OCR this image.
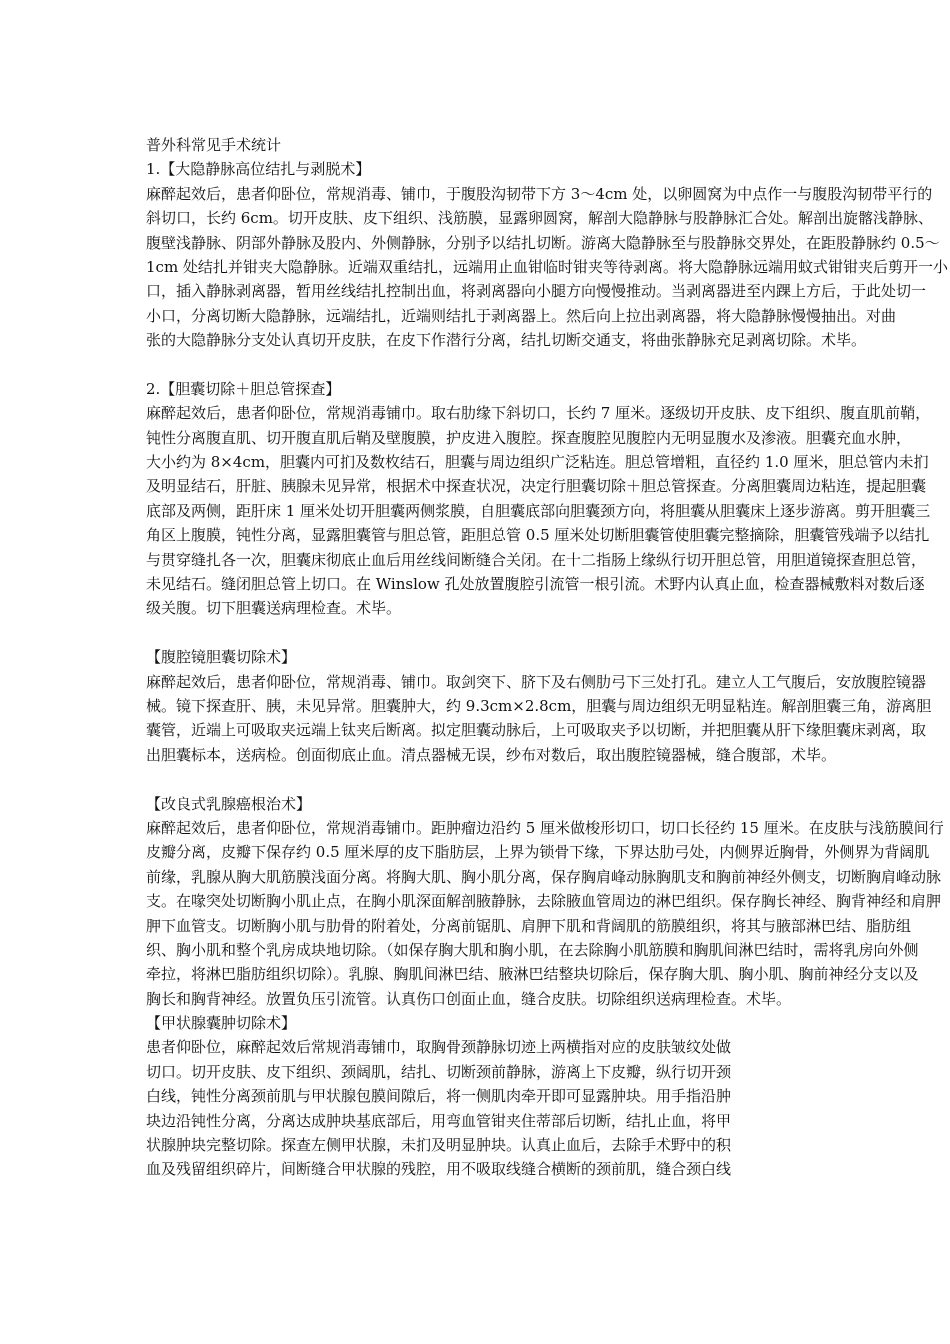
普外科常见手术统计
1.【大隐静脉高位结扎与剥脱术】
麻醉起效后，患者仰卧位，常规消毒、铺巾，于腹股沟韧带下方 3～4cm 处，以卵圆窝为中点作一与腹股沟韧带平行的
斜切口，长约 6cm。切开皮肤、皮下组织、浅筋膜，显露卵圆窝，解剖大隐静脉与股静脉汇合处。解剖出旋髂浅静脉、
腹壁浅静脉、阴部外静脉及股内、外侧静脉，分别予以结扎切断。游离大隐静脉至与股静脉交界处，在距股静脉约 0.5～
1cm 处结扎并钳夹大隐静脉。近端双重结扎，远端用止血钳临时钳夹等待剥离。将大隐静脉远端用蚊式钳钳夹后剪开一小
口，插入静脉剥离器，暂用丝线结扎控制出血，将剥离器向小腿方向慢慢推动。当剥离器进至内踝上方后，于此处切一
小口，分离切断大隐静脉，远端结扎，近端则结扎于剥离器上。然后向上拉出剥离器，将大隐静脉慢慢抽出。对曲
张的大隐静脉分支处认真切开皮肤，在皮下作潜行分离，结扎切断交通支，将曲张静脉充足剥离切除。术毕。
2.【胆囊切除＋胆总管探查】
麻醉起效后，患者仰卧位，常规消毒铺巾。取右肋缘下斜切口，长约 7 厘米。逐级切开皮肤、皮下组织、腹直肌前鞘，
钝性分离腹直肌、切开腹直肌后鞘及壁腹膜，护皮进入腹腔。探查腹腔见腹腔内无明显腹水及渗液。胆囊充血水肿，
大小约为 8×4cm，胆囊内可扪及数枚结石，胆囊与周边组织广泛粘连。胆总管增粗，直径约 1.0 厘米，胆总管内未扪
及明显结石，肝脏、胰腺未见异常，根据术中探查状况，决定行胆囊切除＋胆总管探查。分离胆囊周边粘连，提起胆囊
底部及两侧，距肝床 1 厘米处切开胆囊两侧浆膜，自胆囊底部向胆囊颈方向，将胆囊从胆囊床上逐步游离。剪开胆囊三
角区上腹膜，钝性分离，显露胆囊管与胆总管，距胆总管 0.5 厘米处切断胆囊管使胆囊完整摘除，胆囊管残端予以结扎
与贯穿缝扎各一次，胆囊床彻底止血后用丝线间断缝合关闭。在十二指肠上缘纵行切开胆总管，用胆道镜探查胆总管，
未见结石。缝闭胆总管上切口。在 Winslow 孔处放置腹腔引流管一根引流。术野内认真止血，检查器械敷料对数后逐
级关腹。切下胆囊送病理检查。术毕。
【腹腔镜胆囊切除术】
麻醉起效后，患者仰卧位，常规消毒、铺巾。取剑突下、脐下及右侧肋弓下三处打孔。建立人工气腹后，安放腹腔镜器
械。镜下探查肝、胰，未见异常。胆囊肿大，约 9.3cm×2.8cm，胆囊与周边组织无明显粘连。解剖胆囊三角，游离胆
囊管，近端上可吸取夹远端上钛夹后断离。拟定胆囊动脉后，上可吸取夹予以切断，并把胆囊从肝下缘胆囊床剥离，取
出胆囊标本，送病检。创面彻底止血。清点器械无误，纱布对数后，取出腹腔镜器械，缝合腹部，术毕。
【改良式乳腺癌根治术】
麻醉起效后，患者仰卧位，常规消毒铺巾。距肿瘤边沿约 5 厘米做梭形切口，切口长径约 15 厘米。在皮肤与浅筋膜间行
皮瓣分离，皮瓣下保存约 0.5 厘米厚的皮下脂肪层，上界为锁骨下缘，下界达肋弓处，内侧界近胸骨，外侧界为背阔肌
前缘，乳腺从胸大肌筋膜浅面分离。将胸大肌、胸小肌分离，保存胸肩峰动脉胸肌支和胸前神经外侧支，切断胸肩峰动脉
支。在喙突处切断胸小肌止点，在胸小肌深面解剖腋静脉，去除腋血管周边的淋巴组织。保存胸长神经、胸背神经和肩胛
胛下血管支。切断胸小肌与肋骨的附着处，分离前锯肌、肩胛下肌和背阔肌的筋膜组织，将其与腋部淋巴结、脂肪组
织、胸小肌和整个乳房成块地切除。（如保存胸大肌和胸小肌，在去除胸小肌筋膜和胸肌间淋巴结时，需将乳房向外侧
牵拉，将淋巴脂肪组织切除）。乳腺、胸肌间淋巴结、腋淋巴结整块切除后，保存胸大肌、胸小肌、胸前神经分支以及
胸长和胸背神经。放置负压引流管。认真伤口创面止血，缝合皮肤。切除组织送病理检查。术毕。
【甲状腺囊肿切除术】
患者仰卧位，麻醉起效后常规消毒铺巾，取胸骨颈静脉切迹上两横指对应的皮肤皱纹处做
切口。切开皮肤、皮下组织、颈阔肌，结扎、切断颈前静脉，游离上下皮瓣，纵行切开颈
白线，钝性分离颈前肌与甲状腺包膜间隙后，将一侧肌肉牵开即可显露肿块。用手指沿肿
块边沿钝性分离，分离达成肿块基底部后，用弯血管钳夹住蒂部后切断，结扎止血，将甲
状腺肿块完整切除。探查左侧甲状腺，未扪及明显肿块。认真止血后，去除手术野中的积
血及残留组织碎片，间断缝合甲状腺的残腔，用不吸取线缝合横断的颈前肌，缝合颈白线
